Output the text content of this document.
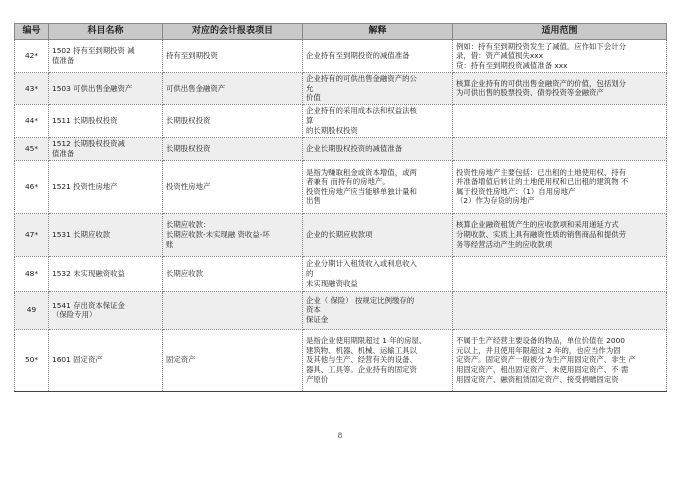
编号	科目名称	对应的会计报表项目	解释	适用范围
42*	1502 持有至到期投资 减
值准备	持有至到期投资	企业持有至到期投资的减值准备	例如：持有至到期投资发生了减值。应作如下会计分
录，借：资产减值损失xxx
贷：持有至到期投资减值准备 xxx

43*	1503 可供出售金融资产	可供出售金融资产	企业持有的可供出售金融资产的公
允
价值	核算企业持有的可供出售金融资产的价值，包括划分
为可供出售的股票投资、债券投资等金融资产

44*	1511 长期股权投资	长期股权投资	企业持有的采用成本法和权益法核
算
的长期股权投资	

45*	1512 长期股权投资减
值准备	长期股权投资	企业长期股权投资的减值准备	

46*	1521 投资性房地产	投资性房地产	是指为赚取租金或资本增值，或两
者兼有 而持有的房地产。
投资性房地产应当能够单独计量和
出售	投资性房地产主要包括：已出租的土地使用权、持有
并准备增值后转让的土地使用权和已出租的建筑物 不
属于投资性房地产：（1）自用房地产
（2）作为存货的房地产

47*	1531 长期应收款	长期应收款：
长期应收款-未实现融 资收益-坏
账	企业的长期应收款项	核算企业融资租赁产生的应收款项和采用递延方式
分期收款、实质上具有融资性质的销售商品和提供劳
务等经营活动产生的应收款项

48*	1532 未实现融资收益	长期应收款	企业分期计入租赁收入或利息收入
的
未实现融资收益	

49	1541 存出资本保证金
（保险专用）		企业（ 保险） 按规定比例缴存的
资本
保证金	

50*	1601 固定资产	固定资产	是指企业使用期限超过 1 年的房屋、
建筑物、机器、机械、运输工具以
及其他与生产、经营有关的设备、
器具、工具等。企业持有的固定资
产原价	不属于生产经营主要设备的物品，单位价值在 2000
元以上，并且使用年限超过 2 年的，也应当作为固
定资产。固定资产一般被分为生产用固定资产、非生 产
用固定资产、租出固定资产、未使用固定资产、不 需
用固定资产、融资租赁固定资产、接受捐赠固定资
8
